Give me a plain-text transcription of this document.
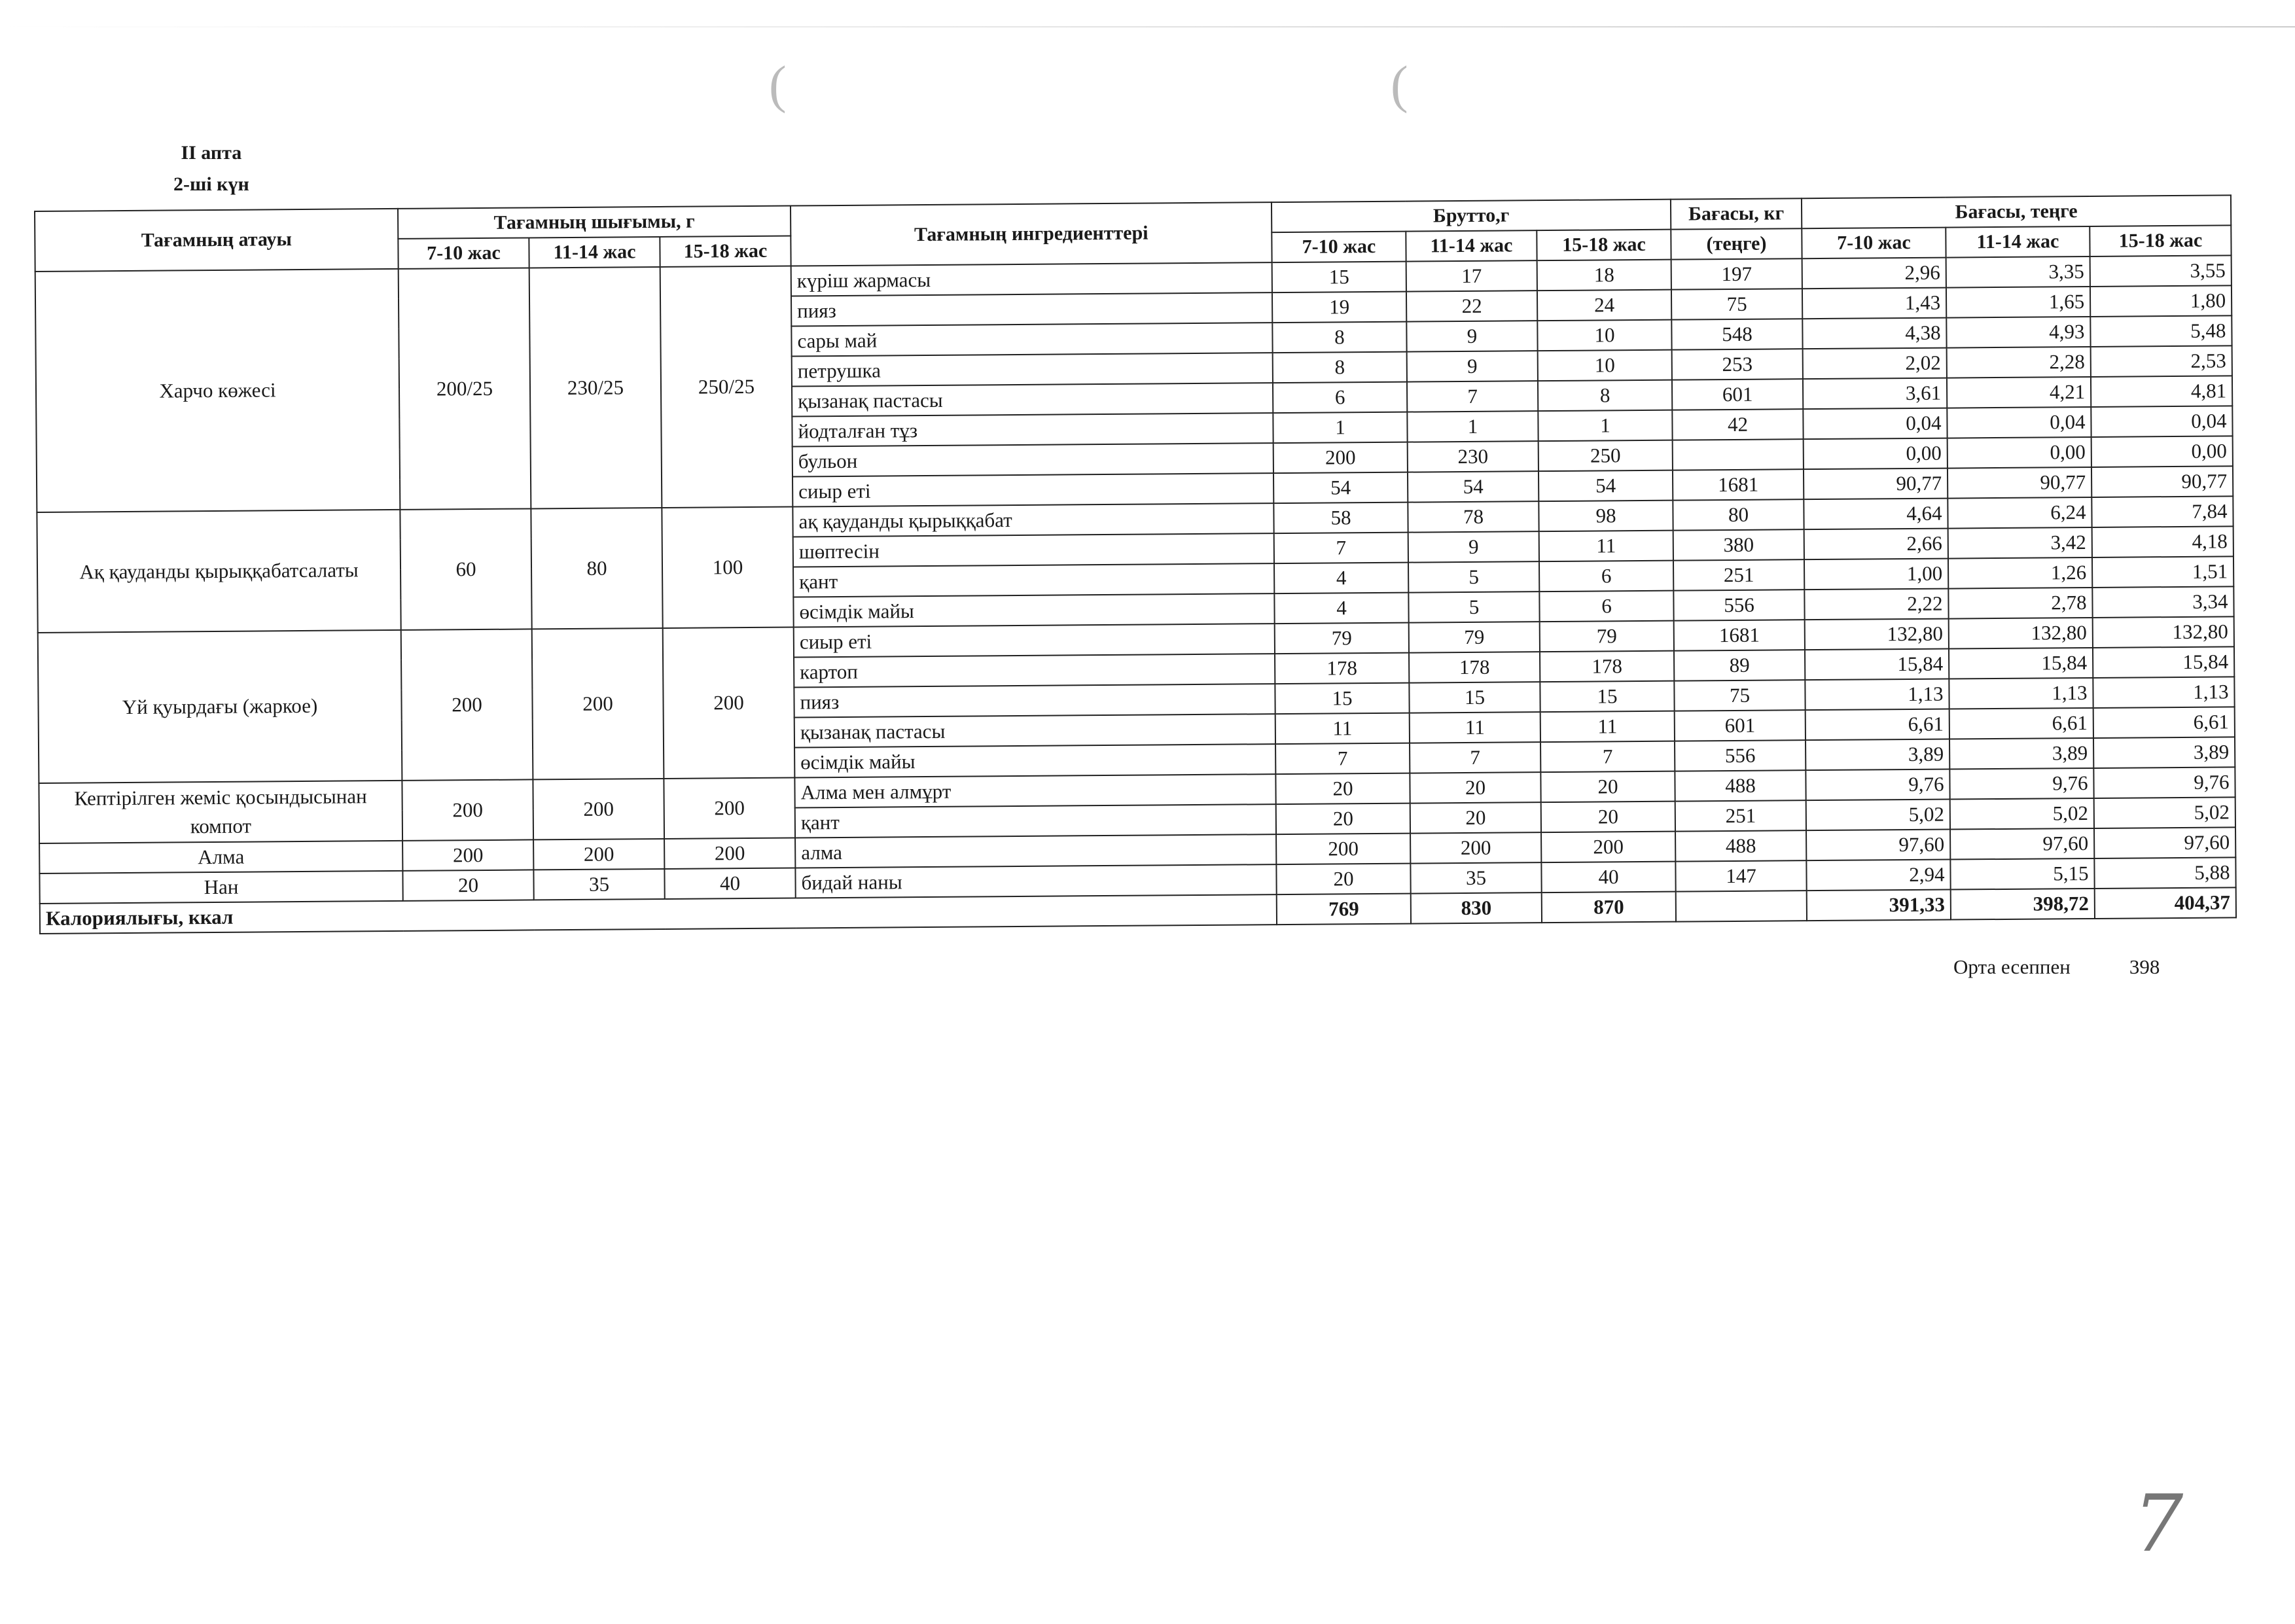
(	(
II апта
2-ші күн
Тағамның атауы	Тағамның шығымы, г			Тағамның ингредиенттері	Брутто,г			Бағасы, кг	Бағасы, теңге		
	7-10 жас	11-14 жас	15-18 жас		7-10 жас	11-14 жас	15-18 жас	(теңге)	7-10 жас	11-14 жас	15-18 жас
Харчо көжесі	200/25	230/25	250/25	күріш жармасы	15	17	18	197	2,96	3,35	3,55
				пияз	19	22	24	75	1,43	1,65	1,80
				сары май	8	9	10	548	4,38	4,93	5,48
				петрушка	8	9	10	253	2,02	2,28	2,53
				қызанақ пастасы	6	7	8	601	3,61	4,21	4,81
				йодталған тұз	1	1	1	42	0,04	0,04	0,04
				бульон	200	230	250		0,00	0,00	0,00
				сиыр еті	54	54	54	1681	90,77	90,77	90,77
Ақ қауданды қырыққабатсалаты	60	80	100	ақ қауданды қырыққабат	58	78	98	80	4,64	6,24	7,84
				шөптесін	7	9	11	380	2,66	3,42	4,18
				қант	4	5	6	251	1,00	1,26	1,51
				өсімдік майы	4	5	6	556	2,22	2,78	3,34
Үй қуырдағы (жаркое)	200	200	200	сиыр еті	79	79	79	1681	132,80	132,80	132,80
				картоп	178	178	178	89	15,84	15,84	15,84
				пияз	15	15	15	75	1,13	1,13	1,13
				қызанақ пастасы	11	11	11	601	6,61	6,61	6,61
				өсімдік майы	7	7	7	556	3,89	3,89	3,89
Кептірілген жеміс қосындысынан компот	200	200	200	Алма мен алмұрт	20	20	20	488	9,76	9,76	9,76
				қант	20	20	20	251	5,02	5,02	5,02
Алма	200	200	200	алма	200	200	200	488	97,60	97,60	97,60
Нан	20	35	40	бидай наны	20	35	40	147	2,94	5,15	5,88
Калориялығы, ккал					769	830	870		391,33	398,72	404,37
Орта есеппен	398
7
